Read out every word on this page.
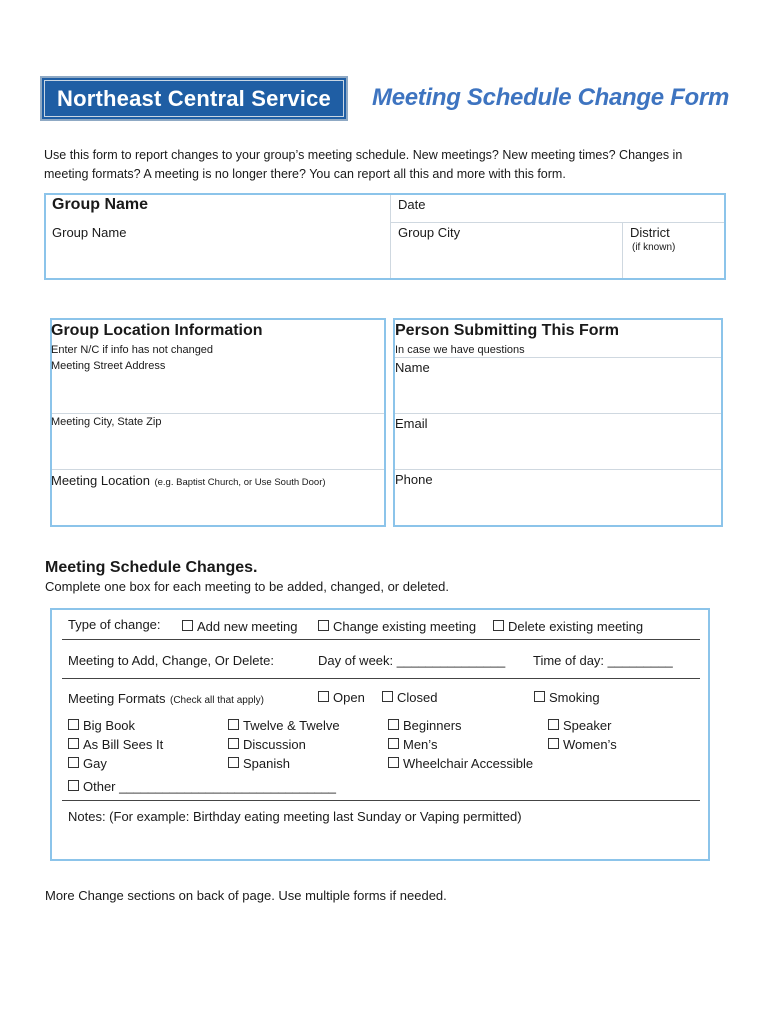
Northeast Central Service	Meeting Schedule Change Form
Use this form to report changes to your group’s meeting schedule. New meetings? New meeting times? Changes in
meeting formats? A meeting is no longer there? You can report all this and more with this form.
Group Name	Date
Group Name	Group City	District
(if known)
Group Location Information
Enter N/C if info has not changed
Meeting Street Address
Meeting City, State Zip
Meeting Location (e.g. Baptist Church, or Use South Door)
Person Submitting This Form
In case we have questions
Name
Email
Phone
Meeting Schedule Changes.
Complete one box for each meeting to be added, changed, or deleted.
Type of change:	Add new meeting	Change existing meeting	Delete existing meeting
Meeting to Add, Change, Or Delete:	Day of week: _______________ Time of day: _________
Meeting Formats (Check all that apply)	Open	Closed	Smoking
Big Book	Twelve & Twelve	Beginners	Speaker
As Bill Sees It	Discussion	Men’s	Women’s
Gay	Spanish	Wheelchair Accessible
Other ______________________________
Notes: (For example: Birthday eating meeting last Sunday or Vaping permitted)
More Change sections on back of page. Use multiple forms if needed.
